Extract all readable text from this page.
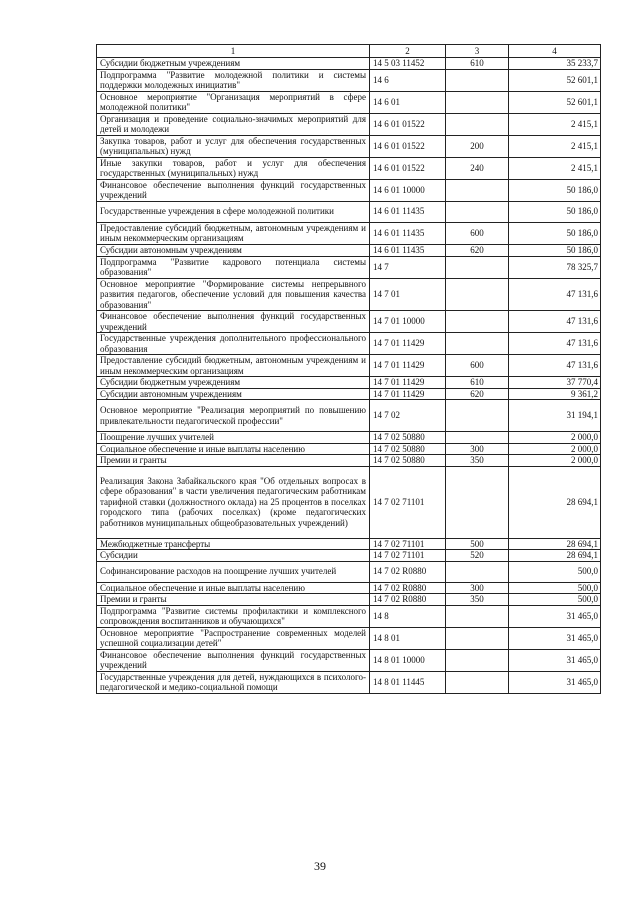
1	2	3	4
Субсидии бюджетным учреждениям	14 5 03 11452	610	35 233,7
Подпрограмма "Развитие молодежной политики и системы поддержки молодежных инициатив"	14 6		52 601,1
Основное мероприятие "Организация мероприятий в сфере молодежной политики"	14 6 01		52 601,1
Организация и проведение социально-значимых мероприятий для детей и молодежи	14 6 01 01522		2 415,1
Закупка товаров, работ и услуг для обеспечения государственных (муниципальных) нужд	14 6 01 01522	200	2 415,1
Иные закупки товаров, работ и услуг для обеспечения государственных (муниципальных) нужд	14 6 01 01522	240	2 415,1
Финансовое обеспечение выполнения функций государственных учреждений	14 6 01 10000		50 186,0
Государственные учреждения в сфере молодежной политики	14 6 01 11435		50 186,0
Предоставление субсидий бюджетным, автономным учреждениям и иным некоммерческим организациям	14 6 01 11435	600	50 186,0
Субсидии автономным учреждениям	14 6 01 11435	620	50 186,0
Подпрограмма "Развитие кадрового потенциала системы образования"	14 7		78 325,7
Основное мероприятие "Формирование системы непрерывного развития педагогов, обеспечение условий для повышения качества образования"	14 7 01		47 131,6
Финансовое обеспечение выполнения функций государственных учреждений	14 7 01 10000		47 131,6
Государственные учреждения дополнительного профессионального образования	14 7 01 11429		47 131,6
Предоставление субсидий бюджетным, автономным учреждениям и иным некоммерческим организациям	14 7 01 11429	600	47 131,6
Субсидии бюджетным учреждениям	14 7 01 11429	610	37 770,4
Субсидии автономным учреждениям	14 7 01 11429	620	9 361,2
Основное мероприятие "Реализация мероприятий по повышению привлекательности педагогической профессии"	14 7 02		31 194,1
Поощрение лучших учителей	14 7 02 50880		2 000,0
Социальное обеспечение и иные выплаты населению	14 7 02 50880	300	2 000,0
Премии и гранты	14 7 02 50880	350	2 000,0
Реализация Закона Забайкальского края "Об отдельных вопросах в сфере образования" в части увеличения педагогическим работникам тарифной ставки (должностного оклада) на 25 процентов в поселках городского типа (рабочих поселках) (кроме педагогических работников муниципальных общеобразовательных учреждений)	14 7 02 71101		28 694,1
Межбюджетные трансферты	14 7 02 71101	500	28 694,1
Субсидии	14 7 02 71101	520	28 694,1
Софинансирование расходов на поощрение лучших учителей	14 7 02 R0880		500,0
Социальное обеспечение и иные выплаты населению	14 7 02 R0880	300	500,0
Премии и гранты	14 7 02 R0880	350	500,0
Подпрограмма "Развитие системы профилактики и комплексного сопровождения воспитанников и обучающихся"	14 8		31 465,0
Основное мероприятие "Распространение современных моделей успешной социализации детей"	14 8 01		31 465,0
Финансовое обеспечение выполнения функций государственных учреждений	14 8 01 10000		31 465,0
Государственные учреждения для детей, нуждающихся в психолого-педагогической и медико-социальной помощи	14 8 01 11445		31 465,0
39
